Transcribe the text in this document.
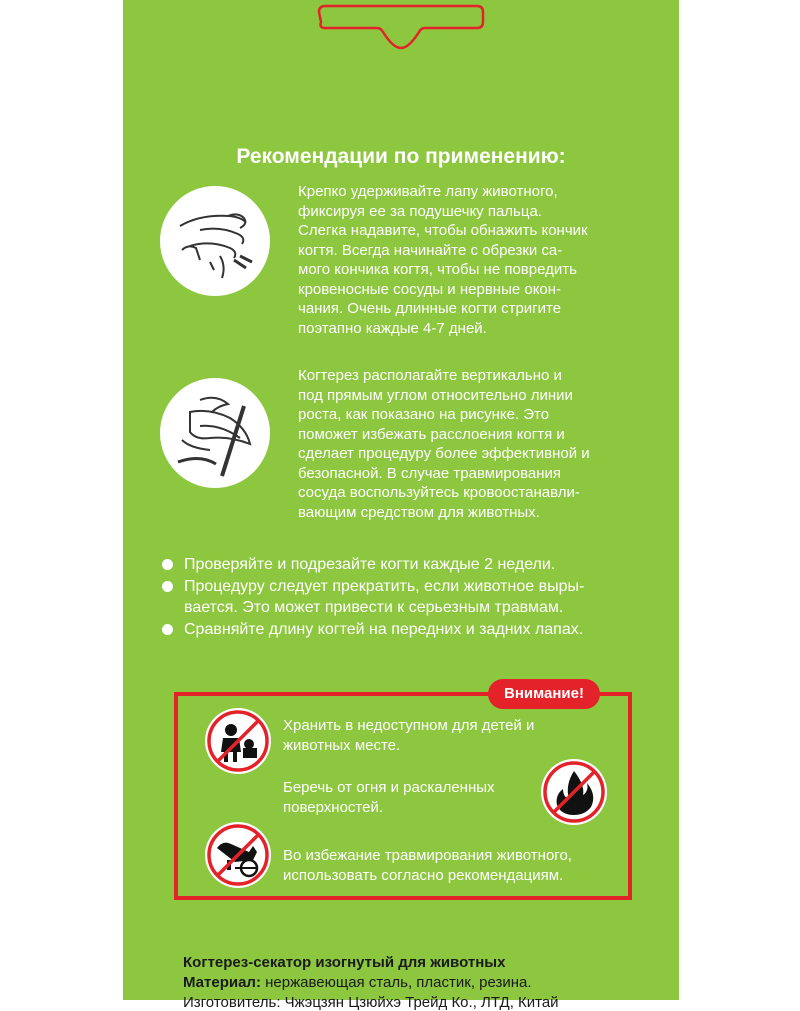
Рекомендации по применению:

Крепко удерживайте лапу животного,
фиксируя ее за подушечку пальца.
Слегка надавите, чтобы обнажить кончик
когтя. Всегда начинайте с обрезки са-
мого кончика когтя, чтобы не повредить
кровеносные сосуды и нервные окон-
чания. Очень длинные когти стригите
поэтапно каждые 4-7 дней.

Когтерез располагайте вертикально и
под прямым углом относительно линии
роста, как показано на рисунке. Это
поможет избежать расслоения когтя и
сделает процедуру более эффективной и
безопасной. В случае травмирования
сосуда воспользуйтесь кровоостанавли-
вающим средством для животных.

Проверяйте и подрезайте когти каждые 2 недели.
Процедуру следует прекратить, если животное выры-
вается. Это может привести к серьезным травмам.
Сравняйте длину когтей на передних и задних лапах.
Внимание!

Хранить в недоступном для детей и
животных месте.

Беречь от огня и раскаленных
поверхностей.

Во избежание травмирования животного,
использовать согласно рекомендациям.

Когтерез-секатор изогнутый для животных

Материал: нержавеющая сталь, пластик, резина.

Изготовитель: Чжэцзян Цзюйхэ Трейд Ко., ЛТД, Китай
